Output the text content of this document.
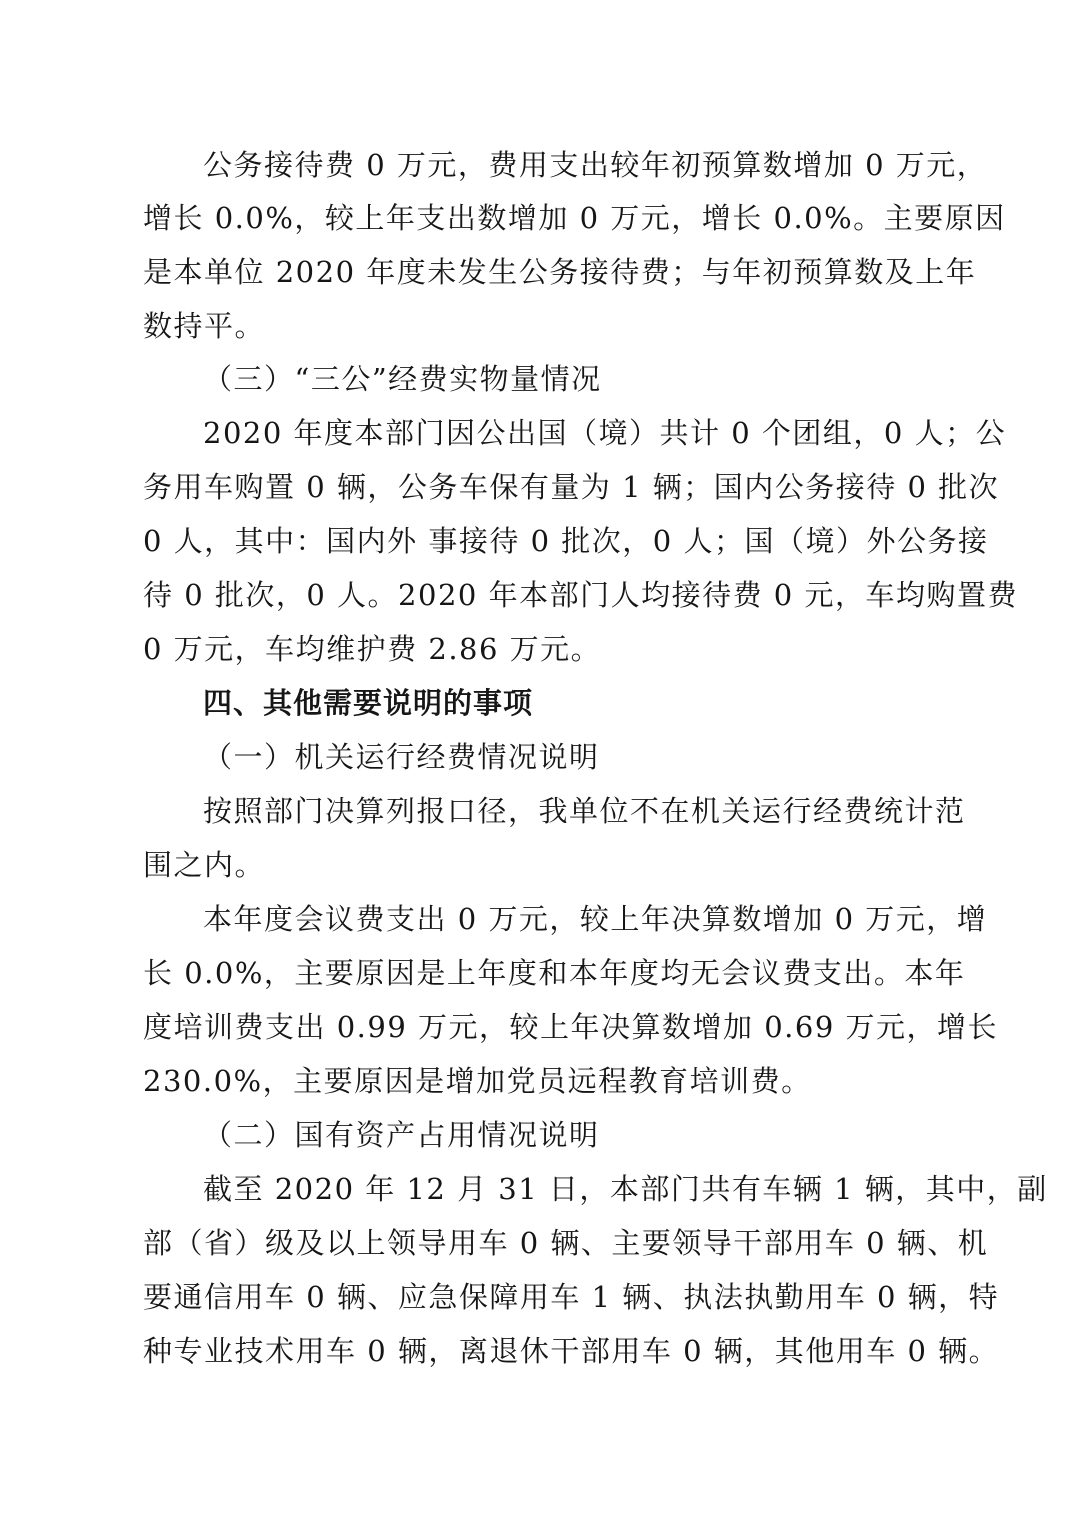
公务接待费 0 万元，费用支出较年初预算数增加 0 万元，
增长 0.0%，较上年支出数增加 0 万元，增长 0.0%。主要原因
是本单位 2020 年度未发生公务接待费；与年初预算数及上年
数持平。
（三）“三公”经费实物量情况
2020 年度本部门因公出国（境）共计 0 个团组，0 人；公
务用车购置 0 辆，公务车保有量为 1 辆；国内公务接待 0 批次
0 人，其中：国内外 事接待 0 批次，0 人；国（境）外公务接
待 0 批次，0 人。2020 年本部门人均接待费 0 元，车均购置费
0 万元，车均维护费 2.86 万元。
四、其他需要说明的事项
（一）机关运行经费情况说明
按照部门决算列报口径，我单位不在机关运行经费统计范
围之内。
本年度会议费支出 0 万元，较上年决算数增加 0 万元，增
长 0.0%，主要原因是上年度和本年度均无会议费支出。本年
度培训费支出 0.99 万元，较上年决算数增加 0.69 万元，增长
230.0%，主要原因是增加党员远程教育培训费。
（二）国有资产占用情况说明
截至 2020 年 12 月 31 日，本部门共有车辆 1 辆，其中，副
部（省）级及以上领导用车 0 辆、主要领导干部用车 0 辆、机
要通信用车 0 辆、应急保障用车 1 辆、执法执勤用车 0 辆，特
种专业技术用车 0 辆，离退休干部用车 0 辆，其他用车 0 辆。
